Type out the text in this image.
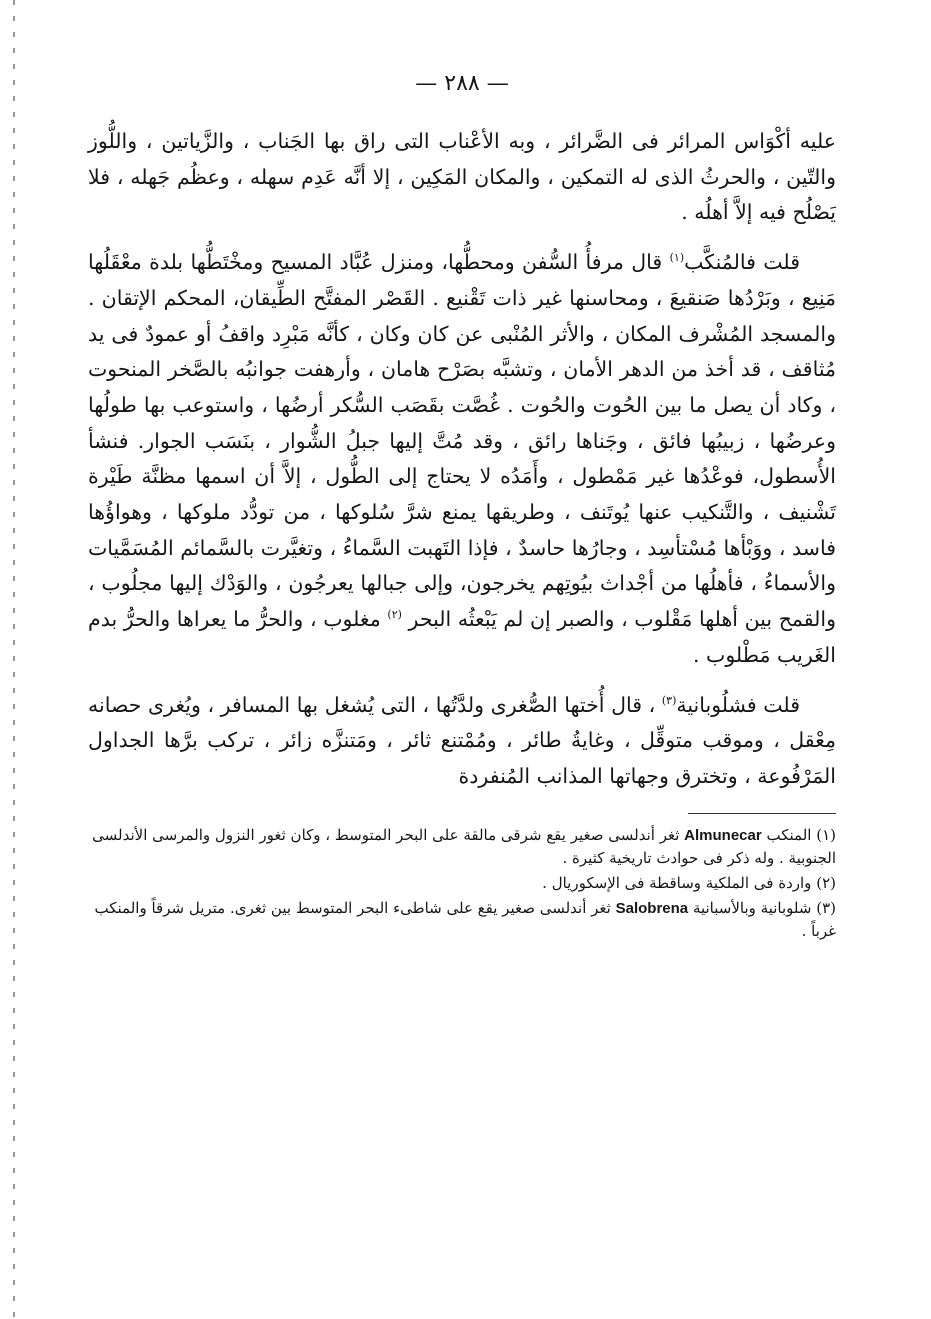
— ٢٨٨ —

عليه أكْوَاس المرائر فى الضَّرائر ، وبه الأعْناب التى راق بها الجَناب ، والزَّياتين ، واللُّوز والتّين ، والحرثُ الذى له التمكين ، والمكان المَكِين ، إلا أنَّه عَدِم سهله ، وعظُم جَهله ، فلا يَصْلُح فيه إلاَّ أهلُه .

قلت فالمُنكَّب$^{(١)}$ قال مرفأُ السُّفن ومحطُّها، ومنزل عُبَّاد المسيح ومخْتَطُّها بلدة معْقَلُها مَنِيع ، وبَرْدُها صَنقيعَ ، ومحاسنها غير ذات تَقْنيع . القَصْر المفتَّح الطِّيقان، المحكم الإتقان . والمسجد المُشْرف المكان ، والأثر المُنْبى عن كان وكان ، كأنَّه مَبْرِد واقفُ أو عمودٌ فى يد مُثاقف ، قد أخذ من الدهر الأمان ، وتشبَّه بصَرْح هامان ، وأرهفت جوانبُه بالصَّخر المنحوت ، وكاد أن يصل ما بين الحُوت والحُوت . غُصَّت بقَصَب السُّكر أرضُها ، واستوعب بها طولُها وعرضُها ، زبيبُها فائق ، وجَناها رائق ، وقد مُتَّ إليها جبلُ الشُّوار ، بنَسَب الجوار. فنشأ الأُسطول، فوعْدُها غير مَمْطول ، وأَمَدُه لا يحتاج إلى الطُّول ، إلاَّ أن اسمها مظنَّة طَيْرة تَشْنيف ، والتَّنكيب عنها يُوتَنف ، وطريقها يمنع شرَّ سُلوكها ، من تودُّد ملوكها ، وهواؤُها فاسد ، ووَبْأها مُسْتأسِد ، وجارُها حاسدٌ ، فإذا التَهبت السَّماءُ ، وتغيَّرت بالسَّمائم المُسَمَّيات والأسماءُ ، فأهلُها من أجْداث بيُوتِهم يخرجون، وإلى جبالها يعرجُون ، والوَدْك إليها مجلُوب ، والقمح بين أهلها مَقْلوب ، والصبر إن لم يَبْعثُه البحر $^{(٢)}$ مغلوب ، والحرُّ ما يعراها والحرُّ بدم الغَريب مَطْلوب .

قلت فشلُوبانية$^{(٣)}$ ، قال أُختها الصُّغرى ولدَّتُها ، التى يُشغل بها المسافر ، ويُغرى حصانه مِعْقل ، وموقب متوقِّل ، وغايةُ طائر ، ومُمْتنع ثائر ، ومَتنزَّه زائر ، تركب برَّها الجداول المَرْفُوعة ، وتخترق وجهاتها المذانب المُنفردة

(١) المنكب Almunecar ثغر أندلسى صغير يقع شرقى مالقة على البحر المتوسط ، وكان ثغور النزول والمرسى الأندلسى الجنوبية . وله ذكر فى حوادث تاريخية كثيرة .
(٢) واردة فى الملكية وساقطة فى الإسكوريال .
(٣) شلوبانية وبالأسبانية Salobrena ثغر أندلسى صغير يقع على شاطىء البحر المتوسط بين ثغرى. متريل شرقاً والمنكب غرباً .
